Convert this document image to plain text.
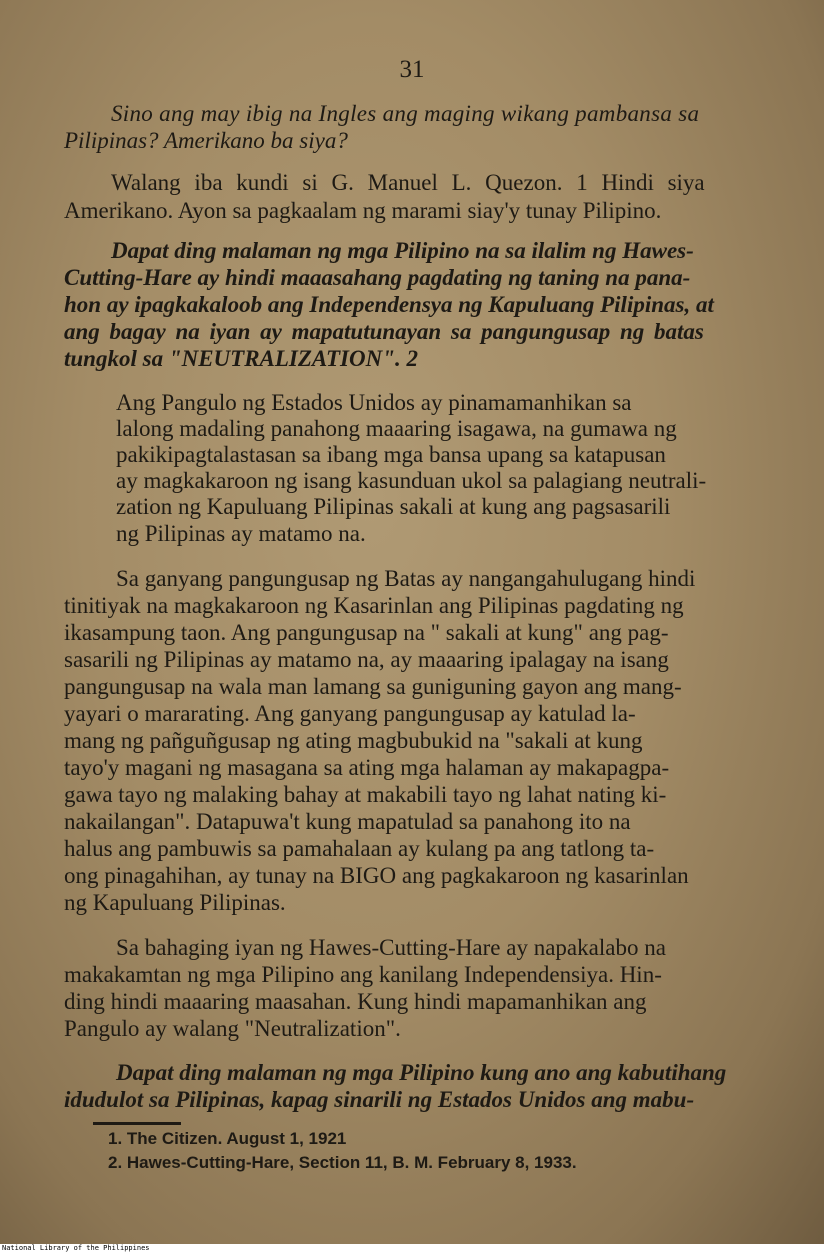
31
Sino ang may ibig na Ingles ang maging wikang pambansa sa
Pilipinas? Amerikano ba siya?
Walang iba kundi si G. Manuel L. Quezon. 1 Hindi siya
Amerikano. Ayon sa pagkaalam ng marami siay'y tunay Pilipino.
Dapat ding malaman ng mga Pilipino na sa ilalim ng Hawes-
Cutting-Hare ay hindi maaasahang pagdating ng taning na pana-
hon ay ipagkakaloob ang Independensya ng Kapuluang Pilipinas, at
ang bagay na iyan ay mapatutunayan sa pangungusap ng batas
tungkol sa "NEUTRALIZATION". 2
Ang Pangulo ng Estados Unidos ay pinamamanhikan sa
lalong madaling panahong maaaring isagawa, na gumawa ng
pakikipagtalastasan sa ibang mga bansa upang sa katapusan
ay magkakaroon ng isang kasunduan ukol sa palagiang neutrali-
zation ng Kapuluang Pilipinas sakali at kung ang pagsasarili
ng Pilipinas ay matamo na.
Sa ganyang pangungusap ng Batas ay nangangahulugang hindi
tinitiyak na magkakaroon ng Kasarinlan ang Pilipinas pagdating ng
ikasampung taon. Ang pangungusap na " sakali at kung" ang pag-
sasarili ng Pilipinas ay matamo na, ay maaaring ipalagay na isang
pangungusap na wala man lamang sa guniguning gayon ang mang-
yayari o mararating. Ang ganyang pangungusap ay katulad la-
mang ng pañguñgusap ng ating magbubukid na "sakali at kung
tayo'y magani ng masagana sa ating mga halaman ay makapagpa-
gawa tayo ng malaking bahay at makabili tayo ng lahat nating ki-
nakailangan". Datapuwa't kung mapatulad sa panahong ito na
halus ang pambuwis sa pamahalaan ay kulang pa ang tatlong ta-
ong pinagahihan, ay tunay na BIGO ang pagkakaroon ng kasarinlan
ng Kapuluang Pilipinas.
Sa bahaging iyan ng Hawes-Cutting-Hare ay napakalabo na
makakamtan ng mga Pilipino ang kanilang Independensiya. Hin-
ding hindi maaaring maasahan. Kung hindi mapamanhikan ang
Pangulo ay walang "Neutralization".
Dapat ding malaman ng mga Pilipino kung ano ang kabutihang
idudulot sa Pilipinas, kapag sinarili ng Estados Unidos ang mabu-
1. The Citizen. August 1, 1921
2. Hawes-Cutting-Hare, Section 11, B. M. February 8, 1933.
National Library of the Philippines
